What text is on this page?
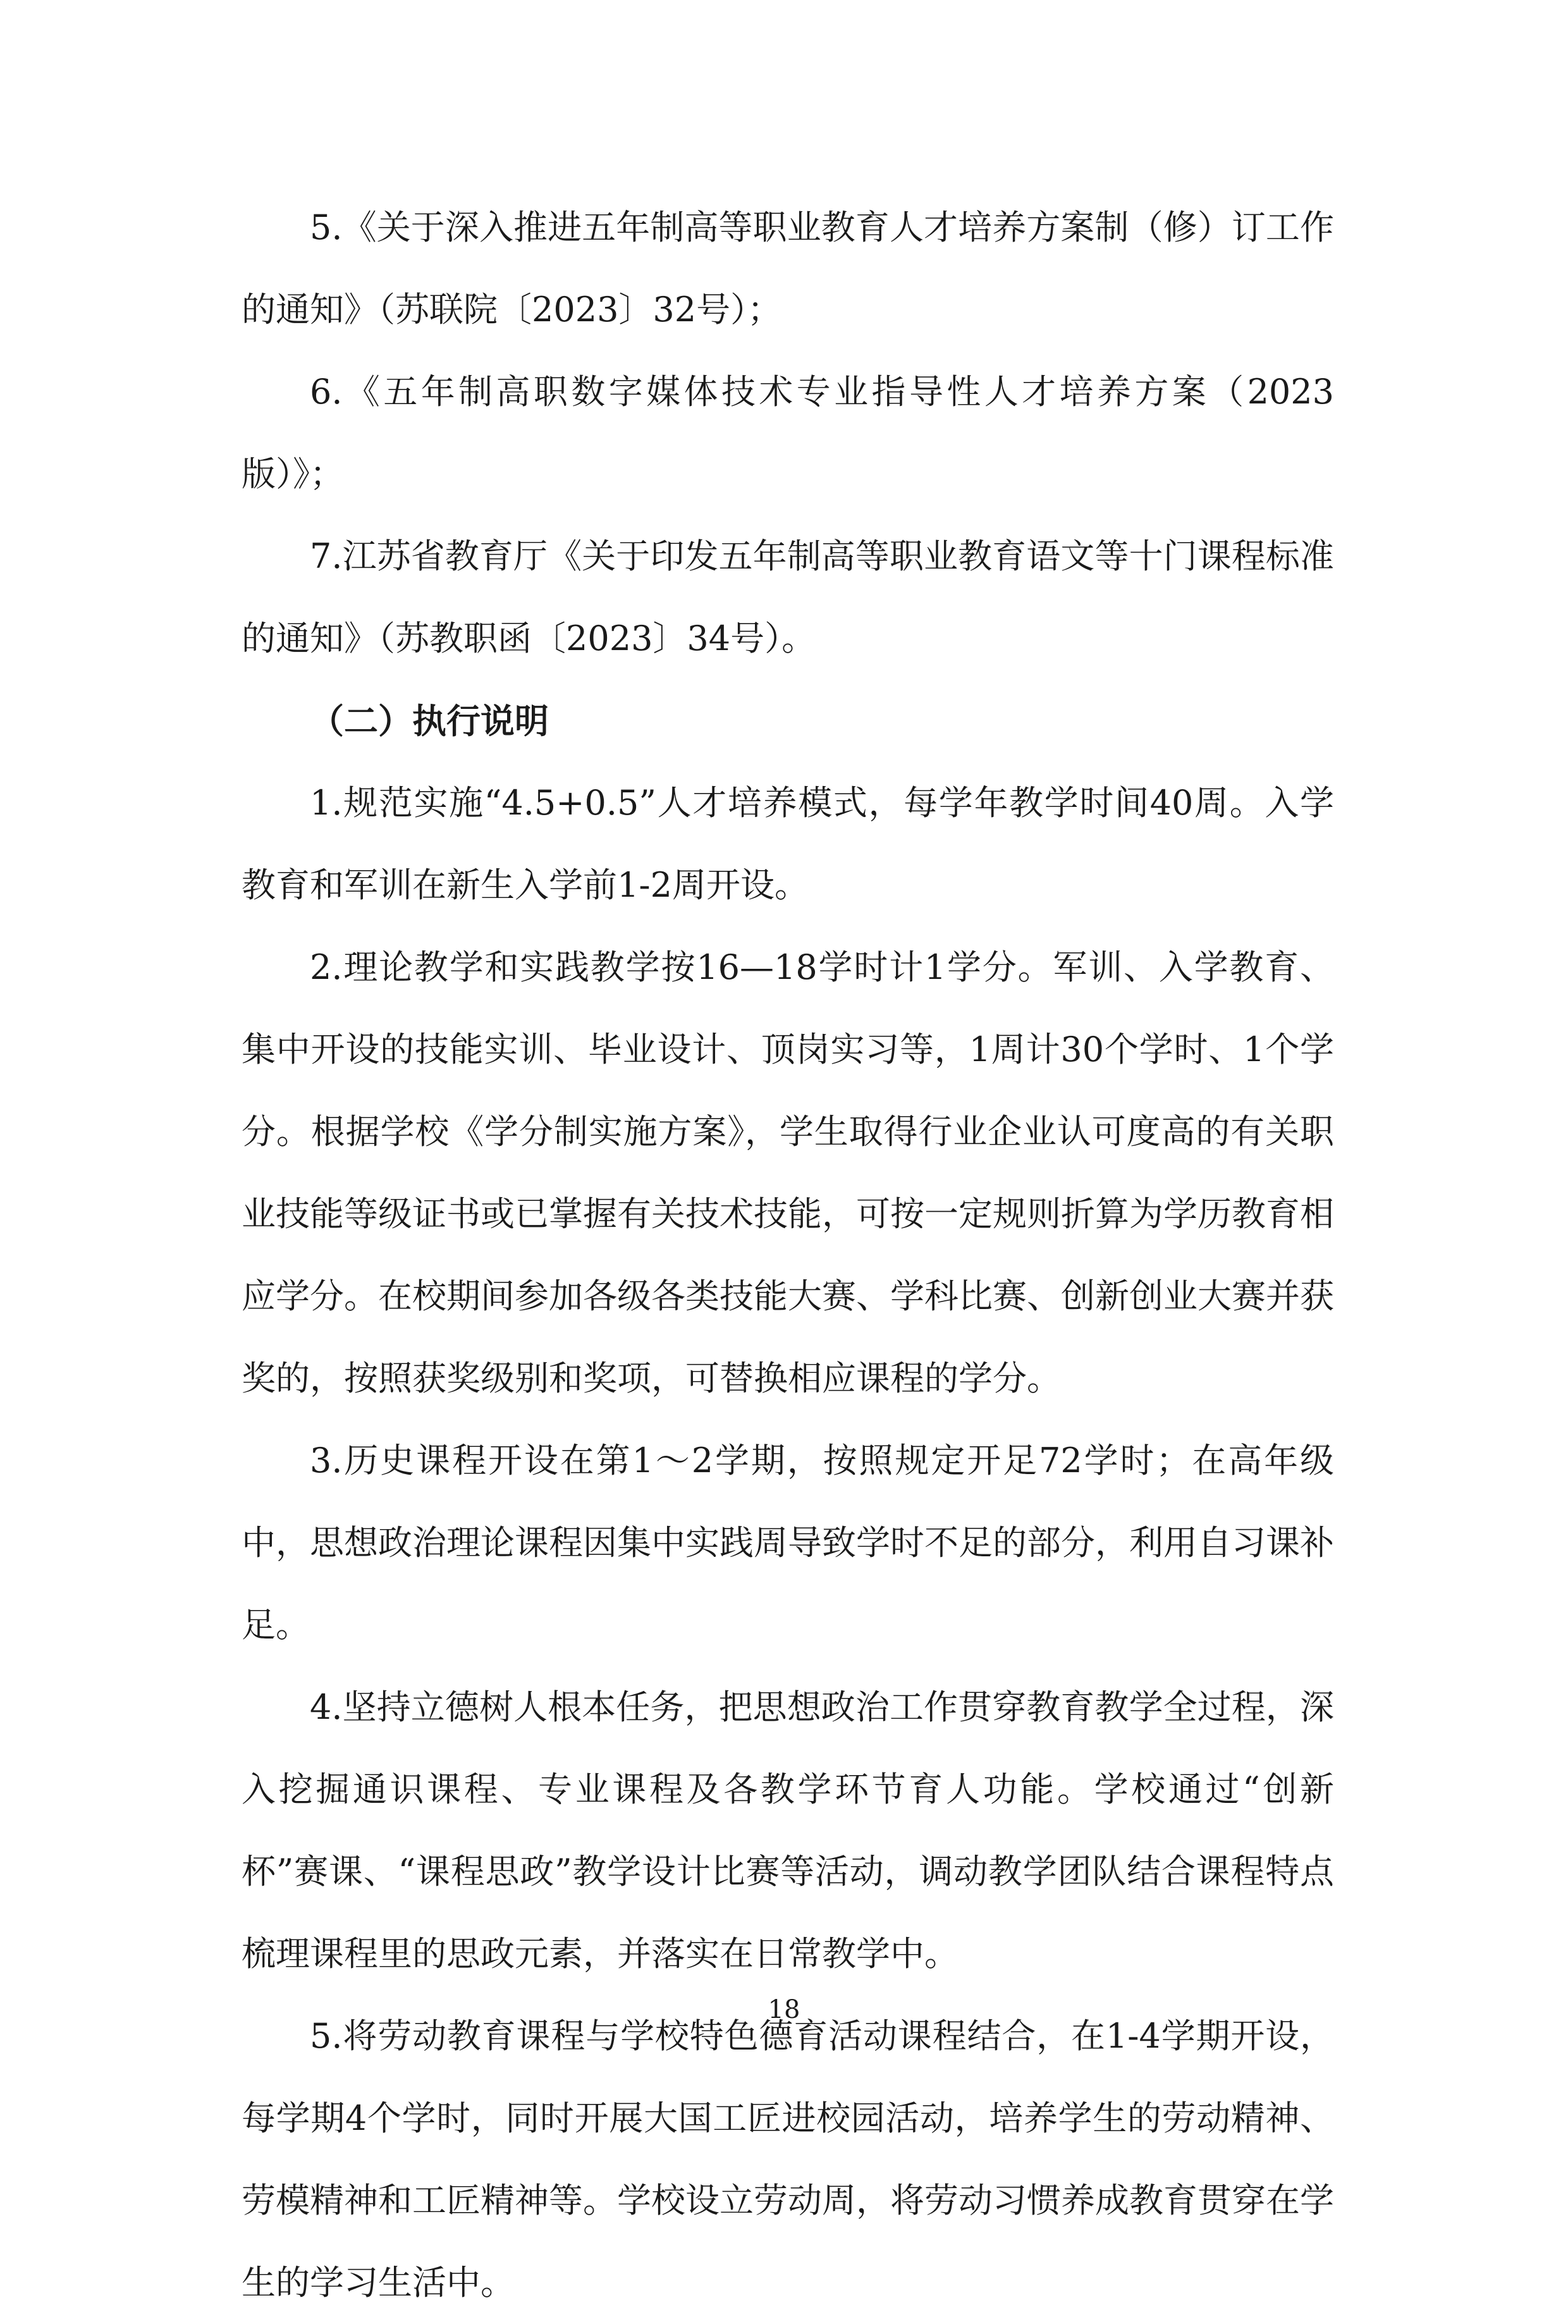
5.《关于深入推进五年制高等职业教育人才培养方案制（修）订工作的通知》（苏联院〔2023〕32号）；

6.《五年制高职数字媒体技术专业指导性人才培养方案（2023版）》；

7.江苏省教育厅《关于印发五年制高等职业教育语文等十门课程标准的通知》（苏教职函〔2023〕34号）。

（二）执行说明

1.规范实施“4.5+0.5”人才培养模式，每学年教学时间40周。入学教育和军训在新生入学前1-2周开设。

2.理论教学和实践教学按16—18学时计1学分。军训、入学教育、集中开设的技能实训、毕业设计、顶岗实习等，1周计30个学时、1个学分。根据学校《学分制实施方案》，学生取得行业企业认可度高的有关职业技能等级证书或已掌握有关技术技能，可按一定规则折算为学历教育相应学分。在校期间参加各级各类技能大赛、学科比赛、创新创业大赛并获奖的，按照获奖级别和奖项，可替换相应课程的学分。

3.历史课程开设在第1～2学期，按照规定开足72学时；在高年级中，思想政治理论课程因集中实践周导致学时不足的部分，利用自习课补足。

4.坚持立德树人根本任务，把思想政治工作贯穿教育教学全过程，深入挖掘通识课程、专业课程及各教学环节育人功能。学校通过“创新杯”赛课、“课程思政”教学设计比赛等活动，调动教学团队结合课程特点梳理课程里的思政元素，并落实在日常教学中。

5.将劳动教育课程与学校特色德育活动课程结合，在1-4学期开设，每学期4个学时，同时开展大国工匠进校园活动，培养学生的劳动精神、劳模精神和工匠精神等。学校设立劳动周，将劳动习惯养成教育贯穿在学生的学习生活中。

18
